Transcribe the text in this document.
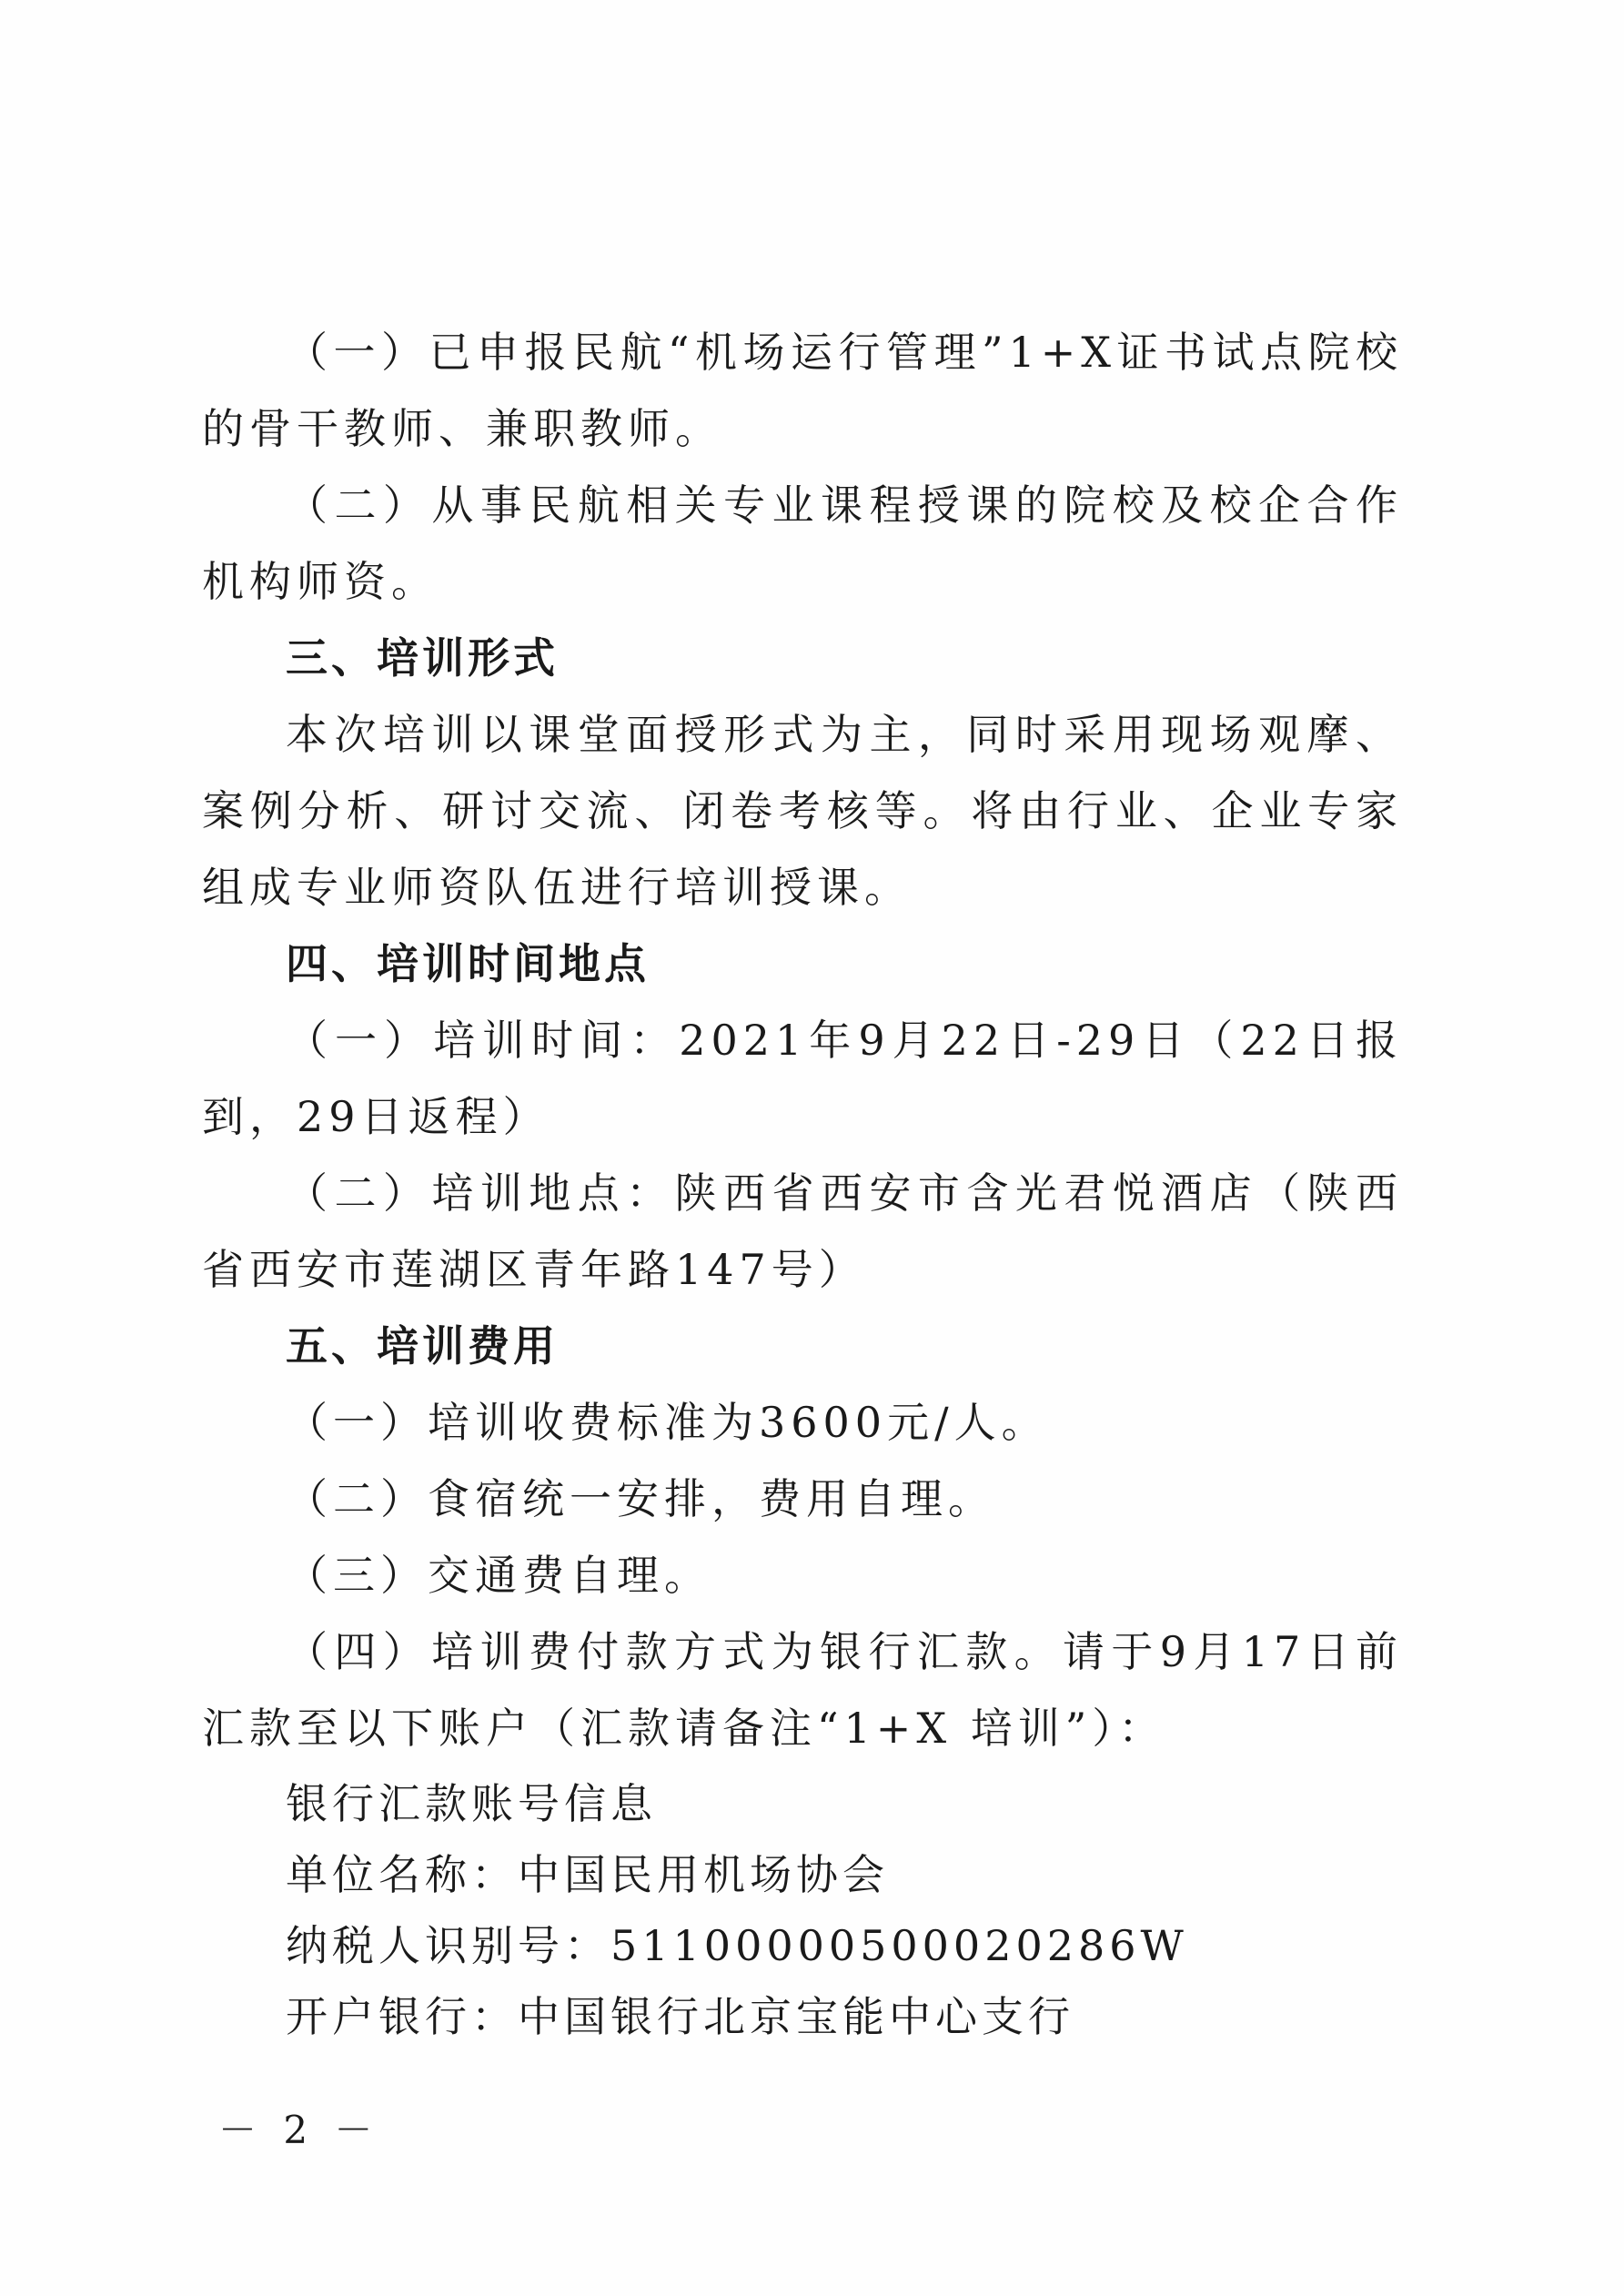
（一）已申报民航“机场运行管理”1+X证书试点院校的骨干教师、兼职教师。

（二）从事民航相关专业课程授课的院校及校企合作机构师资。

三、培训形式

本次培训以课堂面授形式为主，同时采用现场观摩、案例分析、研讨交流、闭卷考核等。将由行业、企业专家组成专业师资队伍进行培训授课。

四、培训时间地点

（一）培训时间：2021年9月22日-29日（22日报到，29日返程）

（二）培训地点：陕西省西安市含光君悦酒店（陕西省西安市莲湖区青年路147号）

五、培训费用

（一）培训收费标准为3600元/人。

（二）食宿统一安排，费用自理。

（三）交通费自理。

（四）培训费付款方式为银行汇款。请于9月17日前汇款至以下账户（汇款请备注“1+X 培训”）：

银行汇款账号信息

单位名称：中国民用机场协会

纳税人识别号：51100000500020286W

开户银行：中国银行北京宝能中心支行

－ 2 －
